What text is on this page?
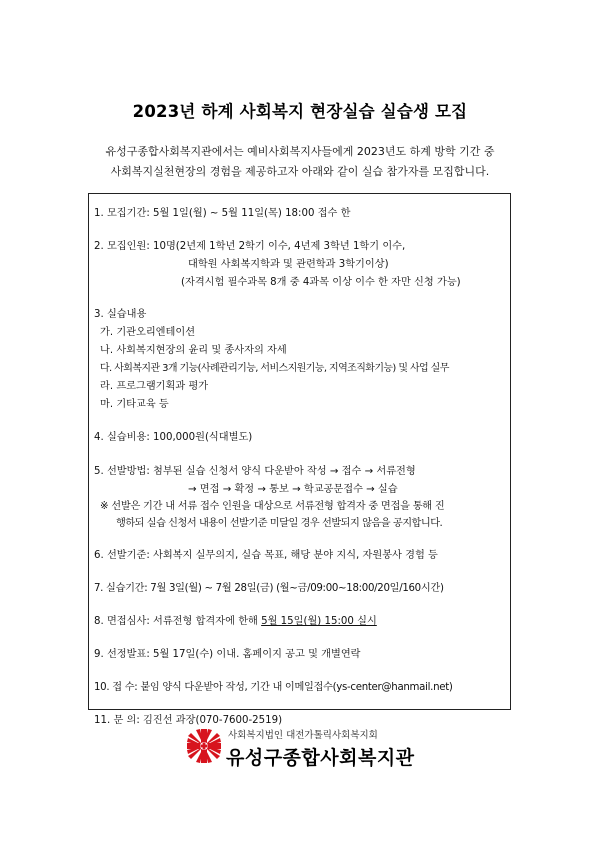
2023년 하계 사회복지 현장실습 실습생 모집
유성구종합사회복지관에서는 예비사회복지사들에게 2023년도 하계 방학 기간 중
사회복지실천현장의 경험을 제공하고자 아래와 같이 실습 참가자를 모집합니다.
1. 모집기간: 5월 1일(월) ~ 5월 11일(목) 18:00 접수 한
2. 모집인원: 10명(2년제 1학년 2학기 이수, 4년제 3학년 1학기 이수,
대학원 사회복지학과 및 관련학과 3학기이상)
(자격시험 필수과목 8개 중 4과목 이상 이수 한 자만 신청 가능)
3. 실습내용
가. 기관오리엔테이션
나. 사회복지현장의 윤리 및 종사자의 자세
다. 사회복지관 3개 기능(사례관리기능, 서비스지원기능, 지역조직화기능) 및 사업 실무
라. 프로그램기획과 평가
마. 기타교육 등
4. 실습비용: 100,000원(식대별도)
5. 선발방법: 첨부된 실습 신청서 양식 다운받아 작성 → 접수 → 서류전형
→ 면접 → 확정 → 통보 → 학교공문접수 → 실습
※ 선발은 기간 내 서류 접수 인원을 대상으로 서류전형 합격자 중 면접을 통해 진
행하되 실습 신청서 내용이 선발기준 미달일 경우 선발되지 않음을 공지합니다.
6. 선발기준: 사회복지 실무의지, 실습 목표, 해당 분야 지식, 자원봉사 경험 등
7. 실습기간: 7월 3일(월) ~ 7월 28일(금) (월~금/09:00~18:00/20일/160시간)
8. 면접심사: 서류전형 합격자에 한해 5월 15일(월) 15:00 실시
9. 선정발표: 5월 17일(수) 이내. 홈페이지 공고 및 개별연락
10. 접 수: 붙임 양식 다운받아 작성, 기간 내 이메일접수(ys-center@hanmail.net)
11. 문 의: 김진선 과장(070-7600-2519)
사회복지법인 대전가톨릭사회복지회
유성구종합사회복지관
